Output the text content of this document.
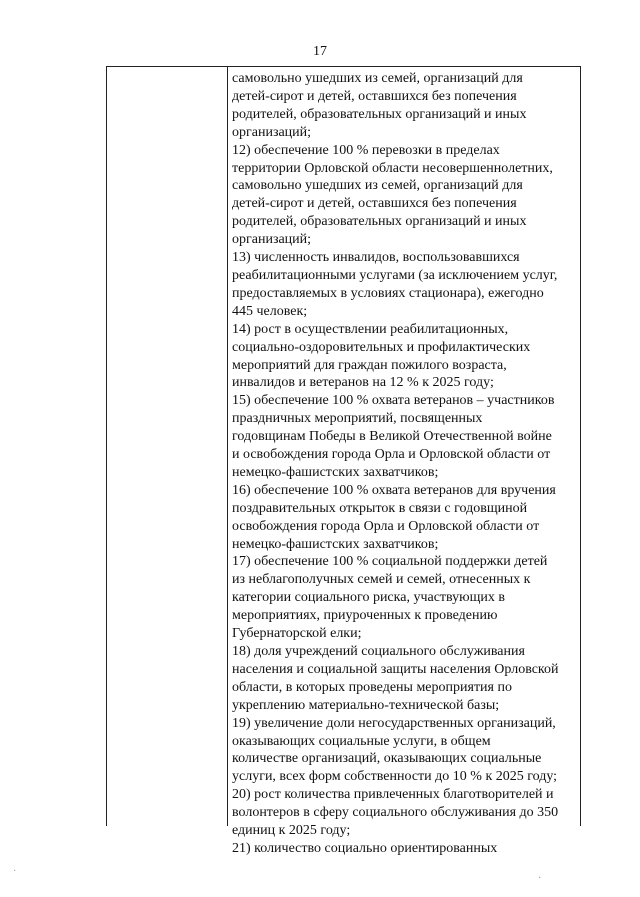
17
самовольно ушедших из семей, организаций для
детей-сирот и детей, оставшихся без попечения
родителей, образовательных организаций и иных
организаций;
12) обеспечение 100 % перевозки в пределах
территории Орловской области несовершеннолетних,
самовольно ушедших из семей, организаций для
детей-сирот и детей, оставшихся без попечения
родителей, образовательных организаций и иных
организаций;
13) численность инвалидов, воспользовавшихся
реабилитационными услугами (за исключением услуг,
предоставляемых в условиях стационара), ежегодно
445 человек;
14) рост в осуществлении реабилитационных,
социально-оздоровительных и профилактических
мероприятий для граждан пожилого возраста,
инвалидов и ветеранов на 12 % к 2025 году;
15) обеспечение 100 % охвата ветеранов – участников
праздничных мероприятий, посвященных
годовщинам Победы в Великой Отечественной войне
и освобождения города Орла и Орловской области от
немецко-фашистских захватчиков;
16) обеспечение 100 % охвата ветеранов для вручения
поздравительных открыток в связи с годовщиной
освобождения города Орла и Орловской области от
немецко-фашистских захватчиков;
17) обеспечение 100 % социальной поддержки детей
из неблагополучных семей и семей, отнесенных к
категории социального риска, участвующих в
мероприятиях, приуроченных к проведению
Губернаторской елки;
18) доля учреждений социального обслуживания
населения и социальной защиты населения Орловской
области, в которых проведены мероприятия по
укреплению материально-технической базы;
19) увеличение доли негосударственных организаций,
оказывающих социальные услуги, в общем
количестве организаций, оказывающих социальные
услуги, всех форм собственности до 10 % к 2025 году;
20) рост количества привлеченных благотворителей и
волонтеров в сферу социального обслуживания до 350
единиц к 2025 году;
21) количество социально ориентированных
·
·
